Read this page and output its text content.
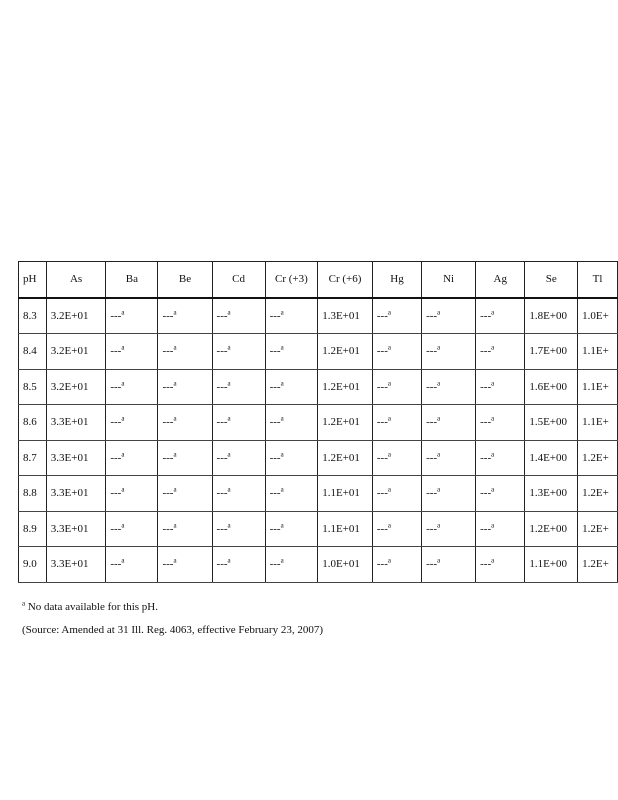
pH	As	Ba	Be	Cd	Cr (+3)	Cr (+6)	Hg	Ni	Ag	Se	Tl
8.3	3.2E+01	---$^a$	---$^a$	---$^a$	---$^a$	1.3E+01	---$^a$	---$^a$	---$^a$	1.8E+00	1.0E+
8.4	3.2E+01	---$^a$	---$^a$	---$^a$	---$^a$	1.2E+01	---$^a$	---$^a$	---$^a$	1.7E+00	1.1E+
8.5	3.2E+01	---$^a$	---$^a$	---$^a$	---$^a$	1.2E+01	---$^a$	---$^a$	---$^a$	1.6E+00	1.1E+
8.6	3.3E+01	---$^a$	---$^a$	---$^a$	---$^a$	1.2E+01	---$^a$	---$^a$	---$^a$	1.5E+00	1.1E+
8.7	3.3E+01	---$^a$	---$^a$	---$^a$	---$^a$	1.2E+01	---$^a$	---$^a$	---$^a$	1.4E+00	1.2E+
8.8	3.3E+01	---$^a$	---$^a$	---$^a$	---$^a$	1.1E+01	---$^a$	---$^a$	---$^a$	1.3E+00	1.2E+
8.9	3.3E+01	---$^a$	---$^a$	---$^a$	---$^a$	1.1E+01	---$^a$	---$^a$	---$^a$	1.2E+00	1.2E+
9.0	3.3E+01	---$^a$	---$^a$	---$^a$	---$^a$	1.0E+01	---$^a$	---$^a$	---$^a$	1.1E+00	1.2E+
$^a$ No data available for this pH.
(Source: Amended at 31 Ill. Reg. 4063, effective February 23, 2007)
